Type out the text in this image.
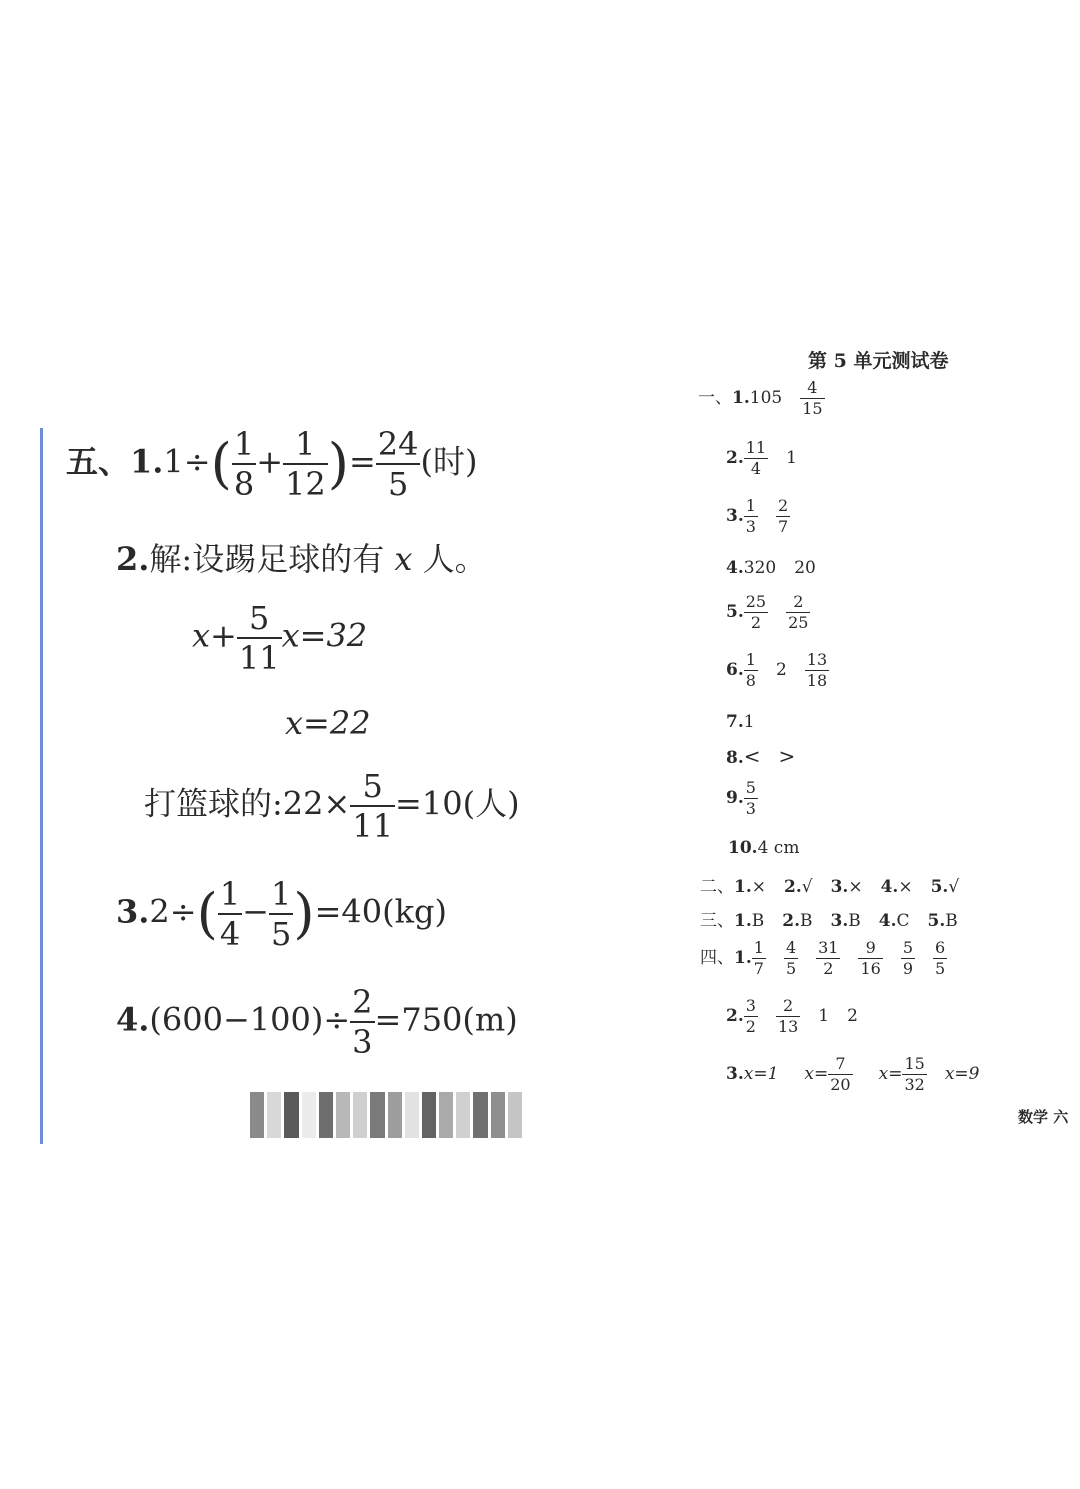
五、$1.1\div( \frac{1}{8} + \frac{1}{12}$ )= $\frac{24}{5}$ (时)
2.解:设踢足球的有 x 人。
$x+ \frac{5}{11} x=32$
x=22
打篮球的:22× $\frac{5}{11} =10$(人)
$3.2\div( \frac{1}{4} - \frac{1}{5} )=40(kg)$
$4.(600-100)\div \frac{2}{3} =750(m)$
第 5 单元测试卷
一、$1.105 \frac{4}{15}$
2. $\frac{11}{4} 1$
3. $\frac{1}{3} \frac{2}{7}$
4.320 20
5. $\frac{25}{2} \frac{2}{25}$
6. $\frac{1}{8} 2 \frac{13}{18}$
7.1
8.< >
9. $\frac{5}{3}$
10.4 cm
二、1.× 2.√ 3.× 4.× 5.√
三、1.B 2.B 3.B 4.C 5.B
四、1. $\frac{1}{7} \frac{4}{5} \frac{31}{2} \frac{9}{16} \frac{5}{9} \frac{6}{5}$
2. $\frac{3}{2} \frac{2}{13} 1$ 2
3.x=1 $x= \frac{7}{20} x= \frac{15}{32} x=9$
数学 六
